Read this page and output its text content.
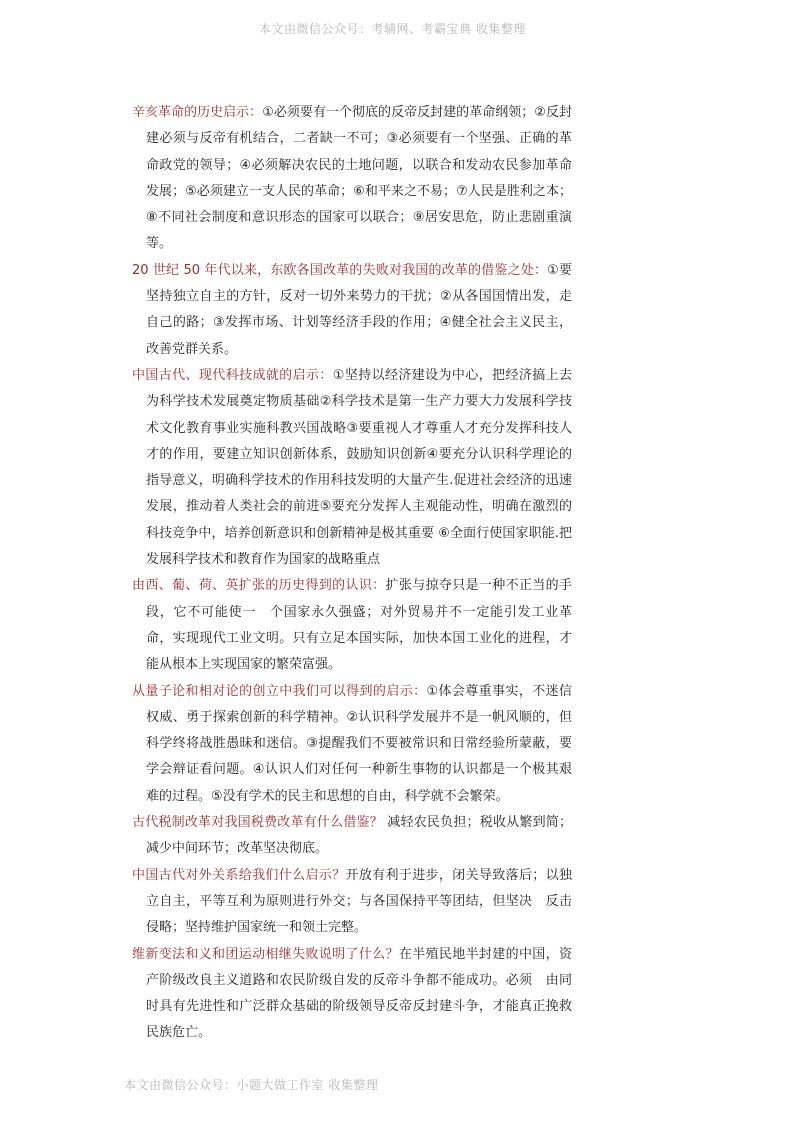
本文由微信公众号：考辅网、考霸宝典 收集整理

辛亥革命的历史启示：①必须要有一个彻底的反帝反封建的革命纲领；②反封建必须与反帝有机结合，二者缺一不可；③必须要有一个坚强、正确的革命政党的领导；④必须解决农民的土地问题，以联合和发动农民参加革命发展；⑤必须建立一支人民的革命；⑥和平来之不易；⑦人民是胜利之本；⑧不同社会制度和意识形态的国家可以联合；⑨居安思危，防止悲剧重演等。

20 世纪 50 年代以来，东欧各国改革的失败对我国的改革的借鉴之处：①要坚持独立自主的方针，反对一切外来势力的干扰；②从各国国情出发，走自己的路；③发挥市场、计划等经济手段的作用；④健全社会主义民主，改善党群关系。

中国古代、现代科技成就的启示：①坚持以经济建设为中心，把经济搞上去为科学技术发展奠定物质基础②科学技术是第一生产力要大力发展科学技术文化教育事业实施科教兴国战略③要重视人才尊重人才充分发挥科技人才的作用，要建立知识创新体系，鼓励知识创新④要充分认识科学理论的指导意义，明确科学技术的作用科技发明的大量产生.促进社会经济的迅速发展，推动着人类社会的前进⑤要充分发挥人主观能动性，明确在激烈的科技竞争中，培养创新意识和创新精神是极其重要 ⑥全面行使国家职能.把发展科学技术和教育作为国家的战略重点

由西、葡、荷、英扩张的历史得到的认识：扩张与掠夺只是一种不正当的手段，它不可能使一　个国家永久强盛；对外贸易并不一定能引发工业革命，实现现代工业文明。只有立足本国实际，加快本国工业化的进程，才能从根本上实现国家的繁荣富强。

从量子论和相对论的创立中我们可以得到的启示：①体会尊重事实，不迷信权威、勇于探索创新的科学精神。②认识科学发展并不是一帆风顺的，但科学终将战胜愚昧和迷信。③提醒我们不要被常识和日常经验所蒙蔽，要学会辩证看问题。④认识人们对任何一种新生事物的认识都是一个极其艰难的过程。⑤没有学术的民主和思想的自由，科学就不会繁荣。

古代税制改革对我国税费改革有什么借鉴？ 减轻农民负担；税收从繁到简；减少中间环节；改革坚决彻底。

中国古代对外关系给我们什么启示？开放有利于进步，闭关导致落后；以独立自主，平等互利为原则进行外交；与各国保持平等团结，但坚决　反击侵略；坚持维护国家统一和领土完整。

维新变法和义和团运动相继失败说明了什么？在半殖民地半封建的中国，资产阶级改良主义道路和农民阶级自发的反帝斗争都不能成功。必须　由同时具有先进性和广泛群众基础的阶级领导反帝反封建斗争，才能真正挽救民族危亡。

本文由微信公众号：小题大做工作室 收集整理
